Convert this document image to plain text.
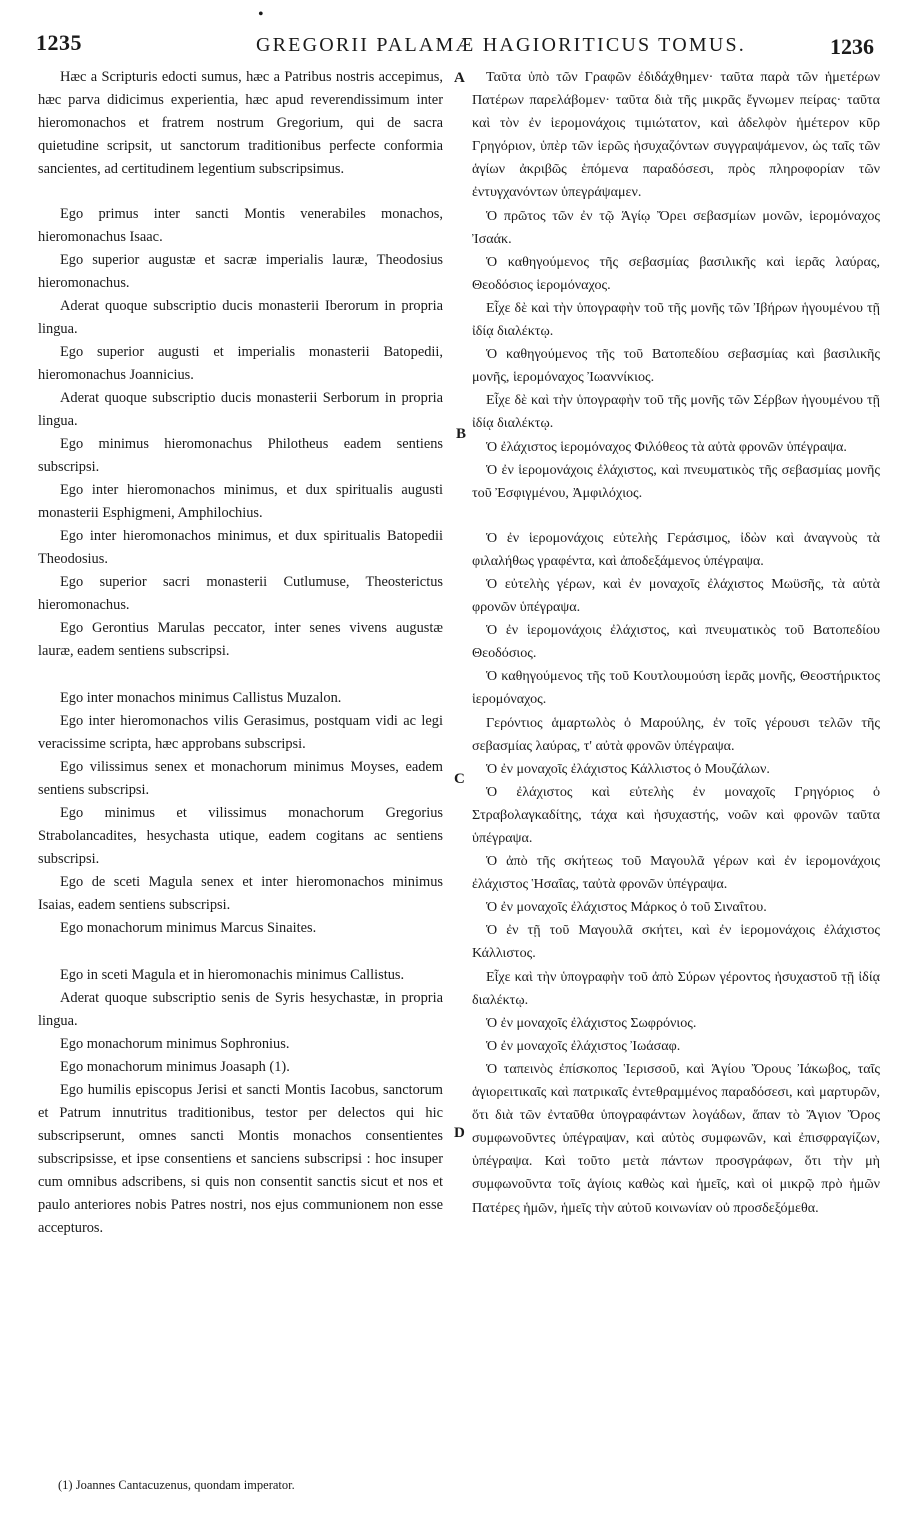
•
1235	GREGORII PALAMÆ HAGIORITICUS TOMUS.	1236

Hæc a Scripturis edocti sumus, hæc a Patribus nostris accepimus, hæc parva didicimus experientia, hæc apud reverendissimum inter hieromonachos et fratrem nostrum Gregorium, qui de sacra quietudine scripsit, ut sanctorum traditionibus perfecte conformia sancientes, ad certitudinem legentium subscripsimus.

Ego primus inter sancti Montis venerabiles monachos, hieromonachus Isaac.

Ego superior augustæ et sacræ imperialis lauræ, Theodosius hieromonachus.

Aderat quoque subscriptio ducis monasterii Iberorum in propria lingua.

Ego superior augusti et imperialis monasterii Batopedii, hieromonachus Joannicius.

Aderat quoque subscriptio ducis monasterii Serborum in propria lingua.

Ego minimus hieromonachus Philotheus eadem sentiens subscripsi.

Ego inter hieromonachos minimus, et dux spiritualis augusti monasterii Esphigmeni, Amphilochius.

Ego inter hieromonachos minimus, et dux spiritualis Batopedii Theodosius.

Ego superior sacri monasterii Cutlumuse, Theosterictus hieromonachus.

Ego Gerontius Marulas peccator, inter senes vivens augustæ lauræ, eadem sentiens subscripsi.

Ego inter monachos minimus Callistus Muzalon.

Ego inter hieromonachos vilis Gerasimus, postquam vidi ac legi veracissime scripta, hæc approbans subscripsi.

Ego vilissimus senex et monachorum minimus Moyses, eadem sentiens subscripsi.

Ego minimus et vilissimus monachorum Gregorius Strabolancadites, hesychasta utique, eadem cogitans ac sentiens subscripsi.

Ego de sceti Magula senex et inter hieromonachos minimus Isaias, eadem sentiens subscripsi.

Ego monachorum minimus Marcus Sinaites.

Ego in sceti Magula et in hieromonachis minimus Callistus.

Aderat quoque subscriptio senis de Syris hesychastæ, in propria lingua.

Ego monachorum minimus Sophronius.

Ego monachorum minimus Joasaph (1).

Ego humilis episcopus Jerisi et sancti Montis Iacobus, sanctorum et Patrum innutritus traditionibus, testor per delectos qui hic subscripserunt, omnes sancti Montis monachos consentientes subscripsisse, et ipse consentiens et sanciens subscripsi : hoc insuper cum omnibus adscribens, si quis non consentit sanctis sicut et nos et paulo anteriores nobis Patres nostri, nos ejus communionem non esse accepturos.

A
B
C
D

Ταῦτα ὑπὸ τῶν Γραφῶν ἐδιδάχθημεν· ταῦτα παρὰ τῶν ἡμετέρων Πατέρων παρελάβομεν· ταῦτα διὰ τῆς μικρᾶς ἔγνωμεν πείρας· ταῦτα καὶ τὸν ἐν ἱερομονάχοις τιμιώτατον, καὶ ἀδελφὸν ἡμέτερον κῦρ Γρηγόριον, ὑπὲρ τῶν ἱερῶς ἡσυχαζόντων συγγραψάμενον, ὡς ταῖς τῶν ἁγίων ἀκριβῶς ἑπόμενα παραδόσεσι, πρὸς πληροφορίαν τῶν ἐντυγχανόντων ὑπεγράψαμεν.

Ὁ πρῶτος τῶν ἐν τῷ Ἁγίῳ Ὄρει σεβασμίων μονῶν, ἱερομόναχος Ἰσαάκ.

Ὁ καθηγούμενος τῆς σεβασμίας βασιλικῆς καὶ ἱερᾶς λαύρας, Θεοδόσιος ἱερομόναχος.

Εἶχε δὲ καὶ τὴν ὑπογραφὴν τοῦ τῆς μονῆς τῶν Ἰβήρων ἡγουμένου τῇ ἰδίᾳ διαλέκτῳ.

Ὁ καθηγούμενος τῆς τοῦ Βατοπεδίου σεβασμίας καὶ βασιλικῆς μονῆς, ἱερομόναχος Ἰωαννίκιος.

Εἶχε δὲ καὶ τὴν ὑπογραφὴν τοῦ τῆς μονῆς τῶν Σέρβων ἡγουμένου τῇ ἰδίᾳ διαλέκτῳ.

Ὁ ἐλάχιστος ἱερομόναχος Φιλόθεος τὰ αὐτὰ φρονῶν ὑπέγραψα.

Ὁ ἐν ἱερομονάχοις ἐλάχιστος, καὶ πνευματικὸς τῆς σεβασμίας μονῆς τοῦ Ἐσφιγμένου, Ἀμφιλόχιος.

Ὁ ἐν ἱερομονάχοις εὐτελὴς Γεράσιμος, ἰδὼν καὶ ἀναγνοὺς τὰ φιλαλήθως γραφέντα, καὶ ἀποδεξάμενος ὑπέγραψα.

Ὁ εὐτελὴς γέρων, καὶ ἐν μοναχοῖς ἐλάχιστος Μωϋσῆς, τὰ αὐτὰ φρονῶν ὑπέγραψα.

Ὁ ἐν ἱερομονάχοις ἐλάχιστος, καὶ πνευματικὸς τοῦ Βατοπεδίου Θεοδόσιος.

Ὁ καθηγούμενος τῆς τοῦ Κουτλουμούση ἱερᾶς μονῆς, Θεοστήρικτος ἱερομόναχος.

Γερόντιος ἁμαρτωλὸς ὁ Μαρούλης, ἐν τοῖς γέρουσι τελῶν τῆς σεβασμίας λαύρας, τ' αὐτὰ φρονῶν ὑπέγραψα.

Ὁ ἐν μοναχοῖς ἐλάχιστος Κάλλιστος ὁ Μουζάλων.

Ὁ ἐλάχιστος καὶ εὐτελὴς ἐν μοναχοῖς Γρηγόριος ὁ Στραβολαγκαδίτης, τάχα καὶ ἡσυχαστής, νοῶν καὶ φρονῶν ταῦτα ὑπέγραψα.

Ὁ ἀπὸ τῆς σκήτεως τοῦ Μαγουλᾶ γέρων καὶ ἐν ἱερομονάχοις ἐλάχιστος Ἡσαΐας, ταὐτὰ φρονῶν ὑπέγραψα.

Ὁ ἐν μοναχοῖς ἐλάχιστος Μάρκος ὁ τοῦ Σιναΐτου.

Ὁ ἐν τῇ τοῦ Μαγουλᾶ σκήτει, καὶ ἐν ἱερομονάχοις ἐλάχιστος Κάλλιστος.

Εἶχε καὶ τὴν ὑπογραφὴν τοῦ ἀπὸ Σύρων γέροντος ἡσυχαστοῦ τῇ ἰδίᾳ διαλέκτῳ.

Ὁ ἐν μοναχοῖς ἐλάχιστος Σωφρόνιος.

Ὁ ἐν μοναχοῖς ἐλάχιστος Ἰωάσαφ.

Ὁ ταπεινὸς ἐπίσκοπος Ἱερισσοῦ, καὶ Ἁγίου Ὄρους Ἰάκωβος, ταῖς ἁγιορειτικαῖς καὶ πατρικαῖς ἐντεθραμμένος παραδόσεσι, καὶ μαρτυρῶν, ὅτι διὰ τῶν ἐνταῦθα ὑπογραφάντων λογάδων, ἅπαν τὸ Ἅγιον Ὄρος συμφωνοῦντες ὑπέγραψαν, καὶ αὐτὸς συμφωνῶν, καὶ ἐπισφραγίζων, ὑπέγραψα. Καὶ τοῦτο μετὰ πάντων προσγράφων, ὅτι τὴν μὴ συμφωνοῦντα τοῖς ἁγίοις καθὼς καὶ ἡμεῖς, καὶ οἱ μικρῷ πρὸ ἡμῶν Πατέρες ἡμῶν, ἡμεῖς τὴν αὐτοῦ κοινωνίαν οὐ προσδεξόμεθα.

(1) Joannes Cantacuzenus, quondam imperator.
